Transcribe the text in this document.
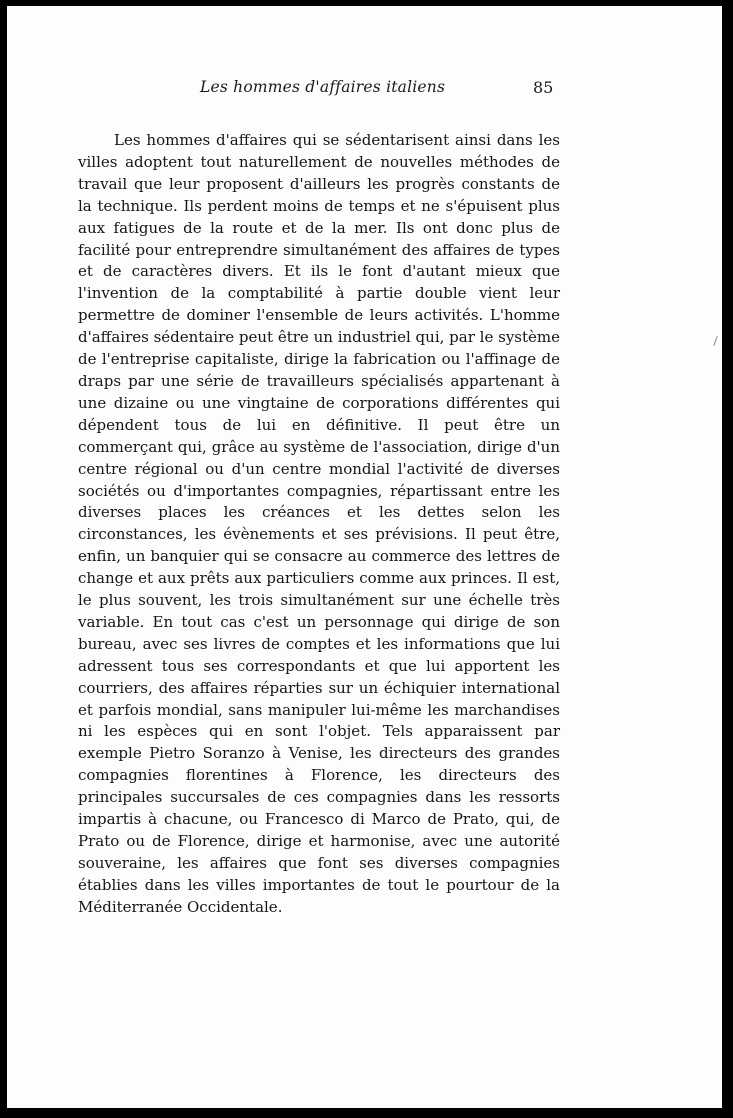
Les hommes d'affaires italiens	85

Les hommes d'affaires qui se sédentarisent ainsi dans les villes adoptent tout naturellement de nouvelles méthodes de travail que leur proposent d'ailleurs les progrès constants de la technique. Ils perdent moins de temps et ne s'épuisent plus aux fatigues de la route et de la mer. Ils ont donc plus de facilité pour entreprendre simultanément des affaires de types et de caractères divers. Et ils le font d'autant mieux que l'invention de la comptabilité à partie double vient leur permettre de dominer l'ensemble de leurs activités. L'homme d'affaires sédentaire peut être un industriel qui, par le système de l'entreprise capitaliste, dirige la fabrication ou l'affinage de draps par une série de travailleurs spécialisés appartenant à une dizaine ou une vingtaine de corporations différentes qui dépendent tous de lui en définitive. Il peut être un commerçant qui, grâce au système de l'association, dirige d'un centre régional ou d'un centre mondial l'activité de diverses sociétés ou d'importantes compagnies, répartissant entre les diverses places les créances et les dettes selon les circonstances, les évènements et ses prévisions. Il peut être, enfin, un banquier qui se consacre au commerce des lettres de change et aux prêts aux particuliers comme aux princes. Il est, le plus souvent, les trois simultanément sur une échelle très variable. En tout cas c'est un personnage qui dirige de son bureau, avec ses livres de comptes et les informations que lui adressent tous ses correspondants et que lui apportent les courriers, des affaires réparties sur un échiquier international et parfois mondial, sans manipuler lui-même les marchandises ni les espèces qui en sont l'objet. Tels apparaissent par exemple Pietro Soranzo à Venise, les directeurs des grandes compagnies florentines à Florence, les directeurs des principales succursales de ces compagnies dans les ressorts impartis à chacune, ou Francesco di Marco de Prato, qui, de Prato ou de Florence, dirige et harmonise, avec une autorité souveraine, les affaires que font ses diverses compagnies établies dans les villes importantes de tout le pourtour de la Méditerranée Occidentale.
